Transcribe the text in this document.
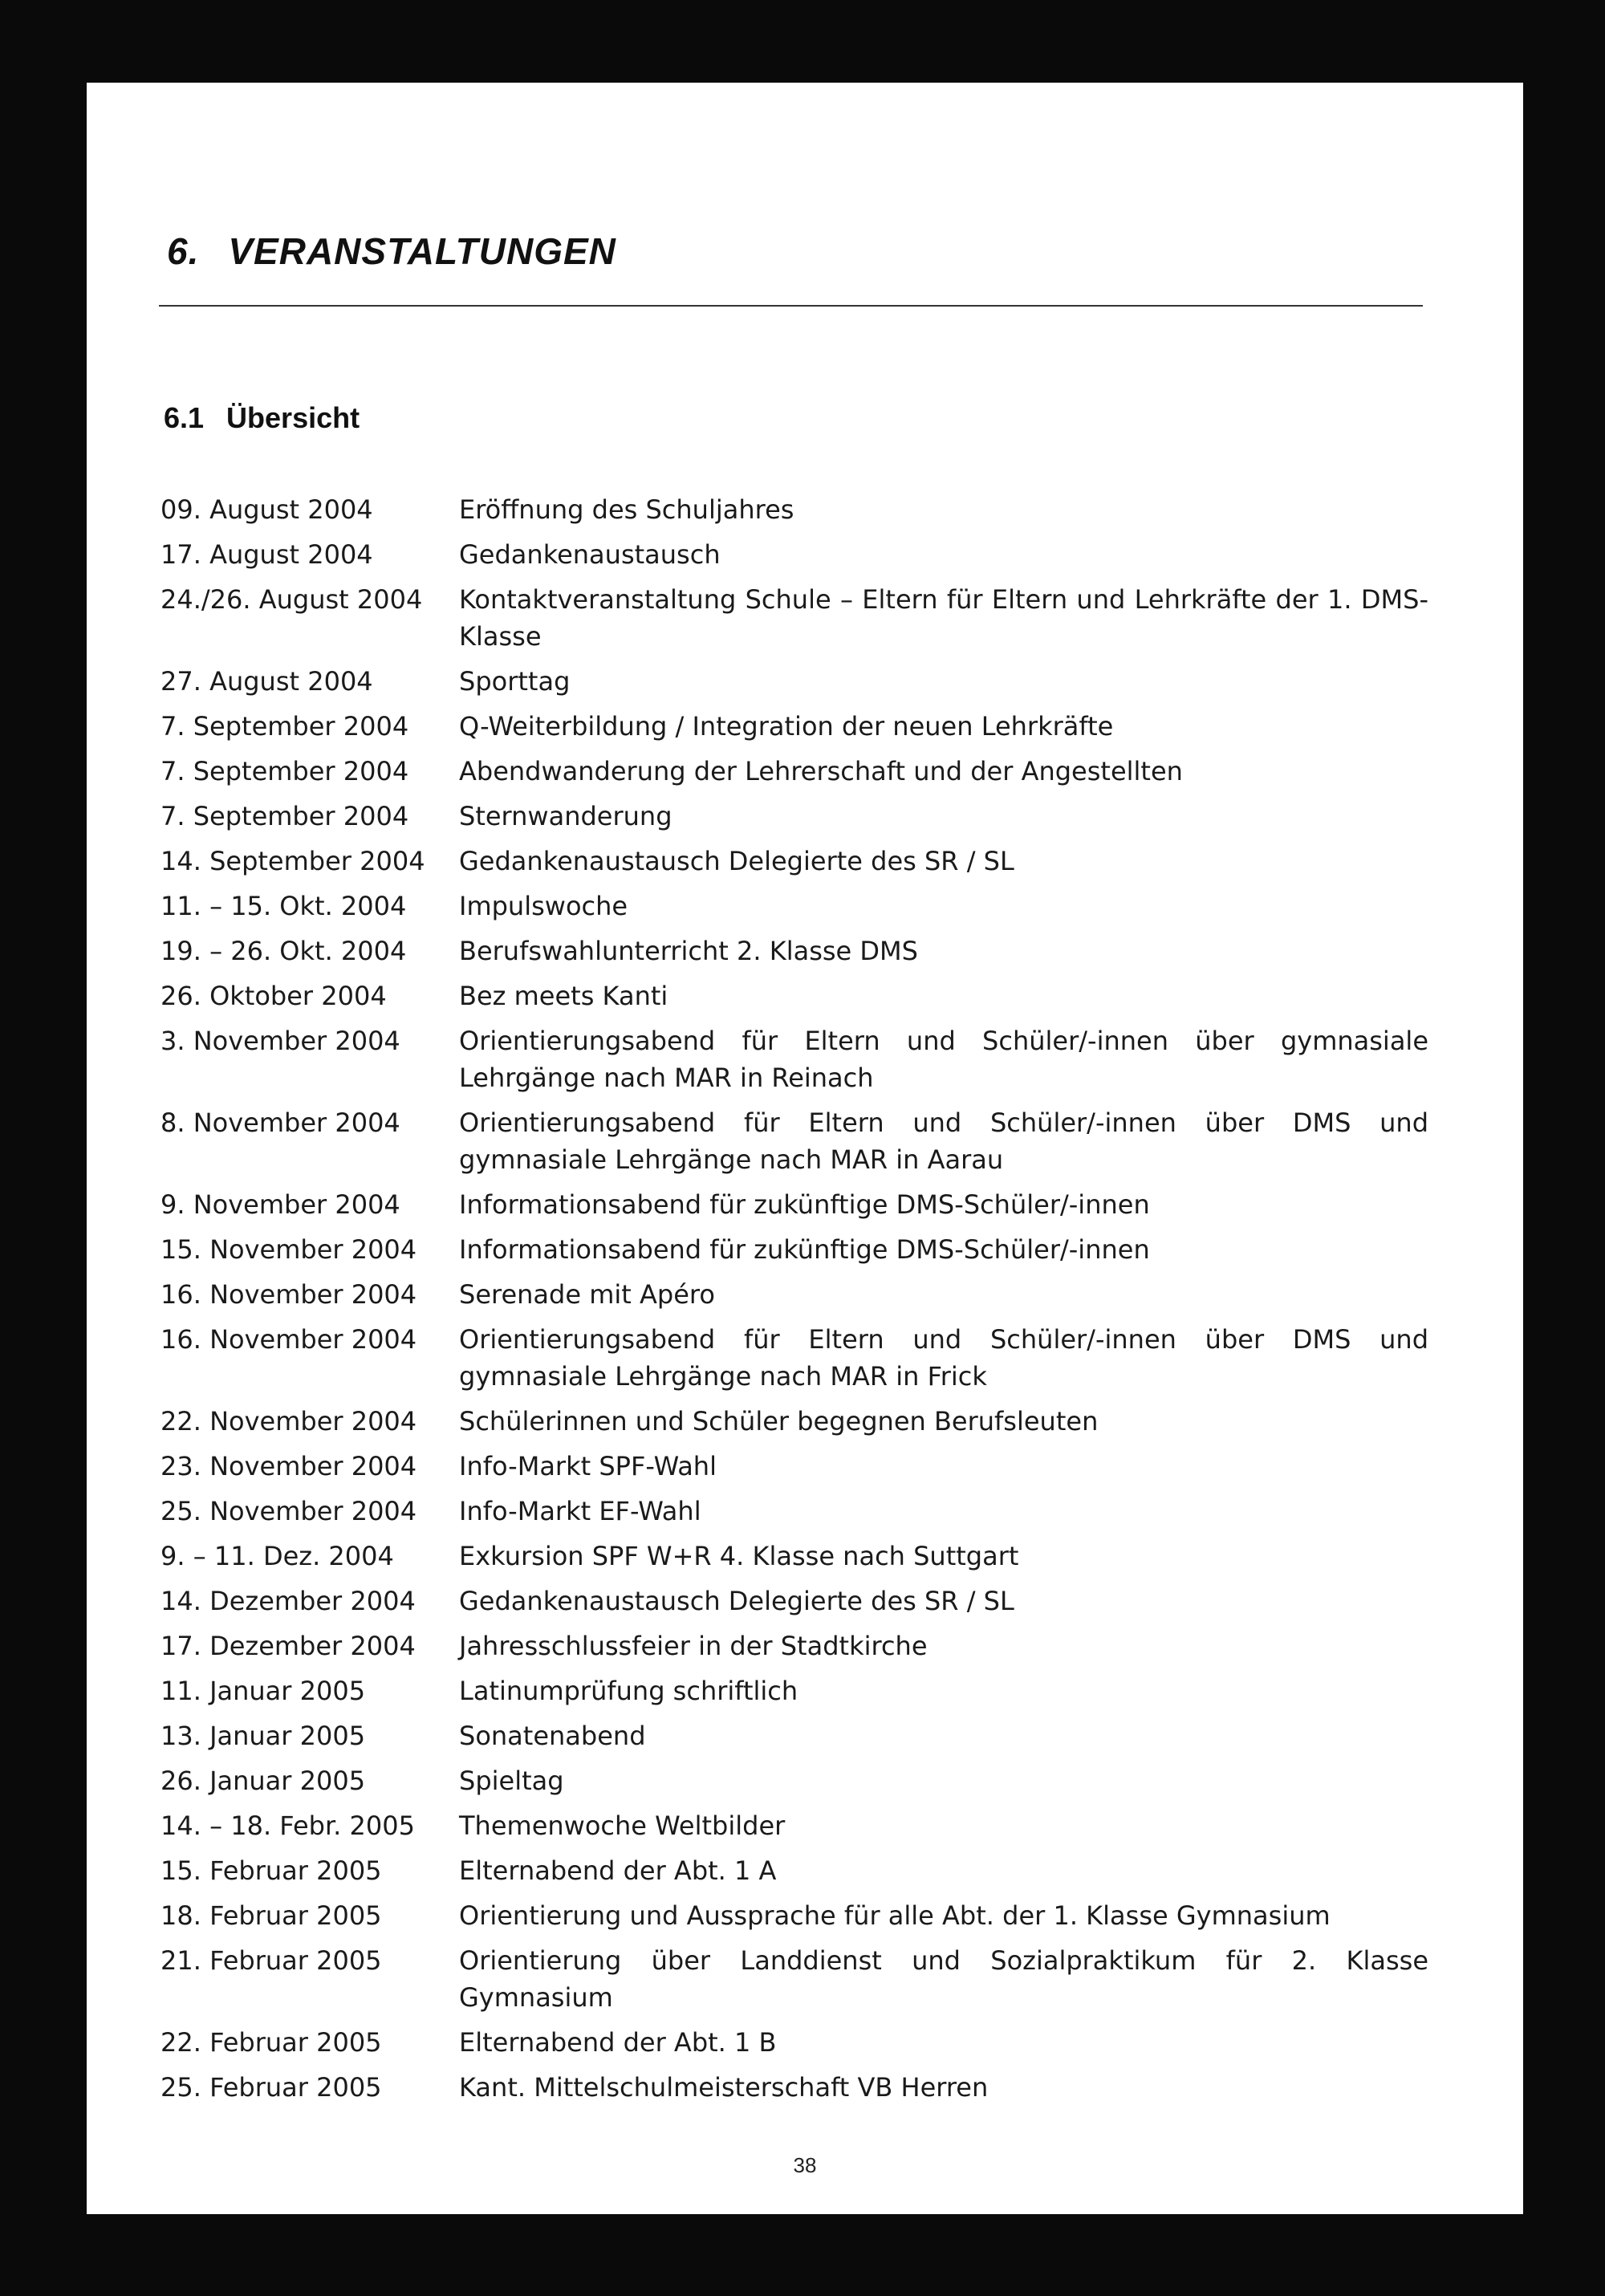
6. VERANSTALTUNGEN
6.1 Übersicht
09. August 2004	Eröffnung des Schuljahres
17. August 2004	Gedankenaustausch
24./26. August 2004	Kontaktveranstaltung Schule – Eltern für Eltern und Lehrkräfte der 1. DMS-Klasse
27. August 2004	Sporttag
7. September 2004	Q-Weiterbildung / Integration der neuen Lehrkräfte
7. September 2004	Abendwanderung der Lehrerschaft und der Angestellten
7. September 2004	Sternwanderung
14. September 2004	Gedankenaustausch Delegierte des SR / SL
11. – 15. Okt. 2004	Impulswoche
19. – 26. Okt. 2004	Berufswahlunterricht 2. Klasse DMS
26. Oktober 2004	Bez meets Kanti
3. November 2004	Orientierungsabend für Eltern und Schüler/-innen über gymnasiale Lehrgänge nach MAR in Reinach
8. November 2004	Orientierungsabend für Eltern und Schüler/-innen über DMS und gymnasiale Lehrgänge nach MAR in Aarau
9. November 2004	Informationsabend für zukünftige DMS-Schüler/-innen
15. November 2004	Informationsabend für zukünftige DMS-Schüler/-innen
16. November 2004	Serenade mit Apéro
16. November 2004	Orientierungsabend für Eltern und Schüler/-innen über DMS und gymnasiale Lehrgänge nach MAR in Frick
22. November 2004	Schülerinnen und Schüler begegnen Berufsleuten
23. November 2004	Info-Markt SPF-Wahl
25. November 2004	Info-Markt EF-Wahl
9. – 11. Dez. 2004	Exkursion SPF W+R 4. Klasse nach Suttgart
14. Dezember 2004	Gedankenaustausch Delegierte des SR / SL
17. Dezember 2004	Jahresschlussfeier in der Stadtkirche
11. Januar 2005	Latinumprüfung schriftlich
13. Januar 2005	Sonatenabend
26. Januar 2005	Spieltag
14. – 18. Febr. 2005	Themenwoche Weltbilder
15. Februar 2005	Elternabend der Abt. 1 A
18. Februar 2005	Orientierung und Aussprache für alle Abt. der 1. Klasse Gymnasium
21. Februar 2005	Orientierung über Landdienst und Sozialpraktikum für 2. Klasse Gymnasium
22. Februar 2005	Elternabend der Abt. 1 B
25. Februar 2005	Kant. Mittelschulmeisterschaft VB Herren
38
